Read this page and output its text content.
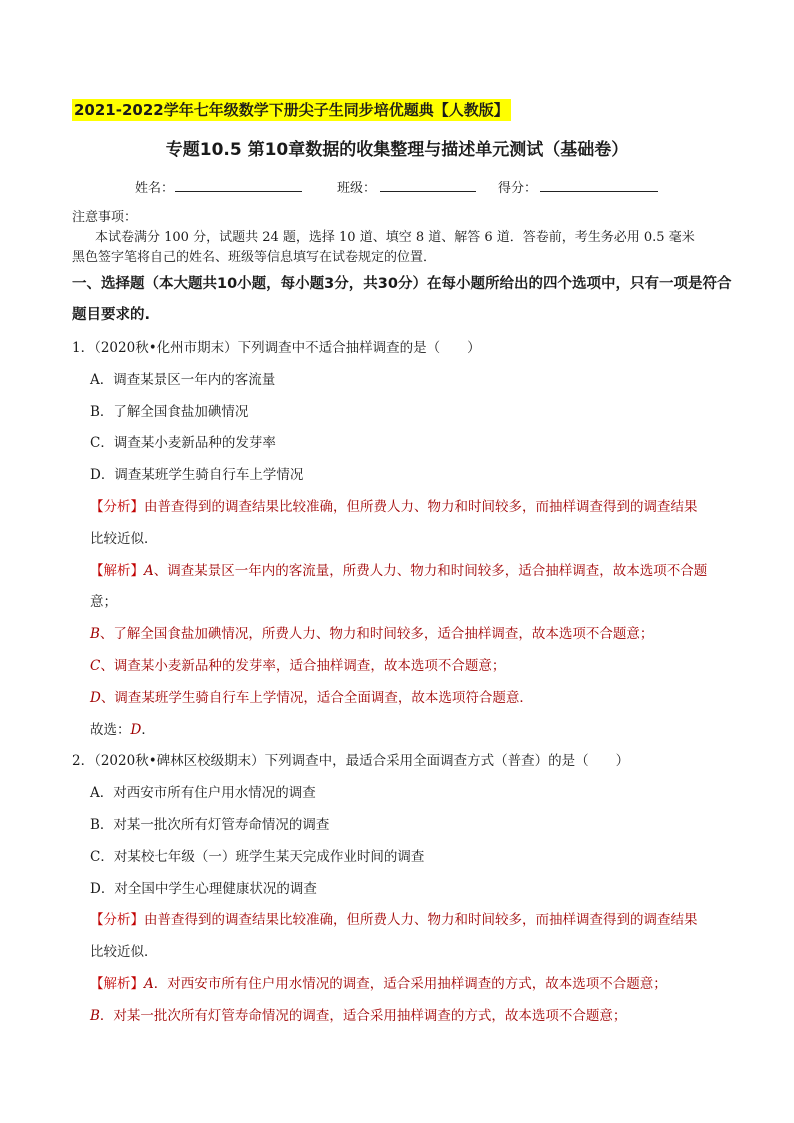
2021-2022学年七年级数学下册尖子生同步培优题典【人教版】
专题10.5 第10章数据的收集整理与描述单元测试（基础卷）
姓名：	班级：	得分：
注意事项：
本试卷满分 100 分，试题共 24 题，选择 10 道、填空 8 道、解答 6 道．答卷前，考生务必用 0.5 毫米
黑色签字笔将自己的姓名、班级等信息填写在试卷规定的位置．
一、选择题（本大题共10小题，每小题3分，共30分）在每小题所给出的四个选项中，只有一项是符合
题目要求的.
1．（2020秋•化州市期末）下列调查中不适合抽样调查的是（　　）
A．调查某景区一年内的客流量
B．了解全国食盐加碘情况
C．调查某小麦新品种的发芽率
D．调查某班学生骑自行车上学情况
【分析】由普查得到的调查结果比较准确，但所费人力、物力和时间较多，而抽样调查得到的调查结果
比较近似．
【解析】A、调查某景区一年内的客流量，所费人力、物力和时间较多，适合抽样调查，故本选项不合题
意；
B、了解全国食盐加碘情况，所费人力、物力和时间较多，适合抽样调查，故本选项不合题意；
C、调查某小麦新品种的发芽率，适合抽样调查，故本选项不合题意；
D、调查某班学生骑自行车上学情况，适合全面调查，故本选项符合题意．
故选：D．
2．（2020秋•碑林区校级期末）下列调查中，最适合采用全面调查方式（普查）的是（　　）
A．对西安市所有住户用水情况的调查
B．对某一批次所有灯管寿命情况的调查
C．对某校七年级（一）班学生某天完成作业时间的调查
D．对全国中学生心理健康状况的调查
【分析】由普查得到的调查结果比较准确，但所费人力、物力和时间较多，而抽样调查得到的调查结果
比较近似．
【解析】A．对西安市所有住户用水情况的调查，适合采用抽样调查的方式，故本选项不合题意；
B．对某一批次所有灯管寿命情况的调查，适合采用抽样调查的方式，故本选项不合题意；
